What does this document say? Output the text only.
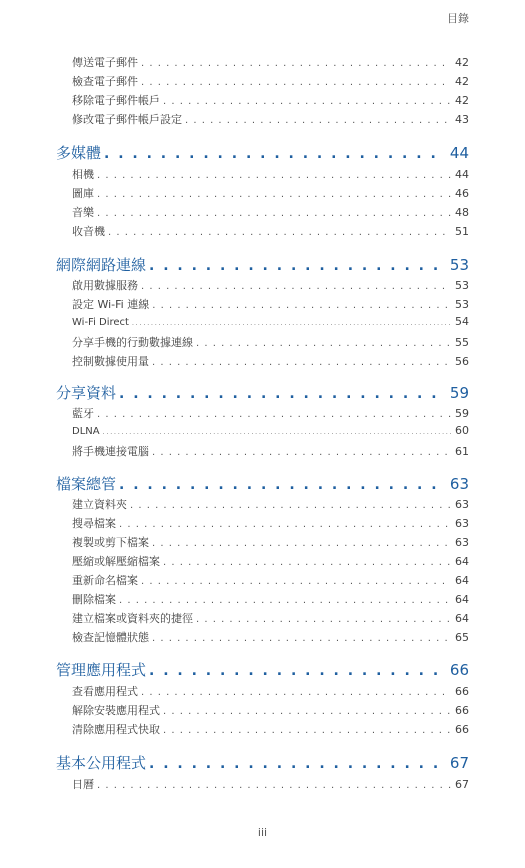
目錄
傳送電子郵件 . . .	42
檢查電子郵件 . . .	42
移除電子郵件帳戶 . . .	42
修改電子郵件帳戶設定 . . .	43
多媒體 . . .	44
相機 . . .	44
圖庫 . . .	46
音樂 . . .	48
收音機 . . .	51
網際網路連線 . . .	53
啟用數據服務 . . .	53
設定 Wi-Fi 連線 . . .	53
Wi-Fi Direct . . .	54
分享手機的行動數據連線 . . .	55
控制數據使用量 . . .	56
分享資料 . . .	59
藍牙 . . .	59
DLNA . . .	60
將手機連接電腦 . . .	61
檔案總管 . . .	63
建立資料夾 . . .	63
搜尋檔案 . . .	63
複製或剪下檔案 . . .	63
壓縮或解壓縮檔案 . . .	64
重新命名檔案 . . .	64
刪除檔案 . . .	64
建立檔案或資料夾的捷徑 . . .	64
檢查記憶體狀態 . . .	65
管理應用程式 . . .	66
查看應用程式 . . .	66
解除安裝應用程式 . . .	66
清除應用程式快取 . . .	66
基本公用程式 . . .	67
日曆 . . .	67
iii
